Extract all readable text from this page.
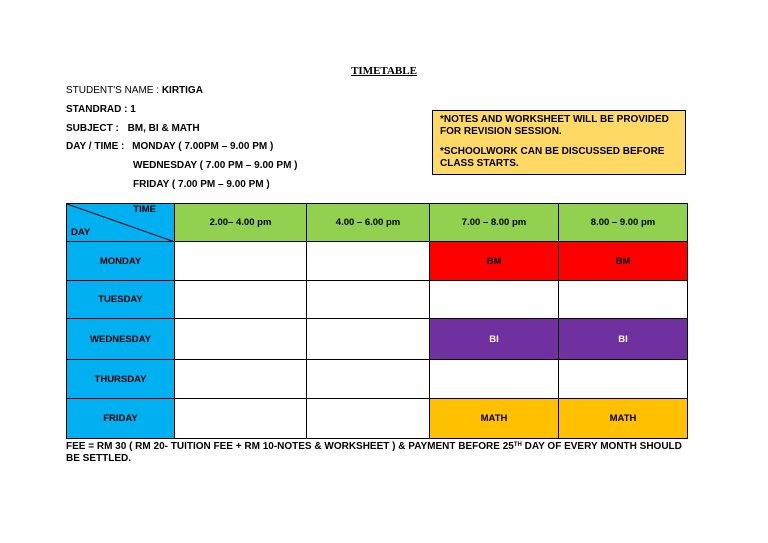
TIMETABLE
STUDENT'S NAME : KIRTIGA
STANDRAD : 1
SUBJECT : BM, BI & MATH
DAY / TIME : MONDAY ( 7.00PM – 9.00 PM )
WEDNESDAY ( 7.00 PM – 9.00 PM )
FRIDAY ( 7.00 PM – 9.00 PM )

*NOTES AND WORKSHEET WILL BE PROVIDED FOR REVISION SESSION.

*SCHOOLWORK CAN BE DISCUSSED BEFORE CLASS STARTS.

TIME
DAY	2.00– 4.00 pm	4.00 – 6.00 pm	7.00 – 8.00 pm	8.00 – 9.00 pm
MONDAY			BM	BM
TUESDAY				
WEDNESDAY			BI	BI
THURSDAY				
FRIDAY			MATH	MATH
FEE = RM 30 ( RM 20- TUITION FEE + RM 10-NOTES & WORKSHEET ) & PAYMENT BEFORE 25TH DAY OF EVERY MONTH SHOULD BE SETTLED.
